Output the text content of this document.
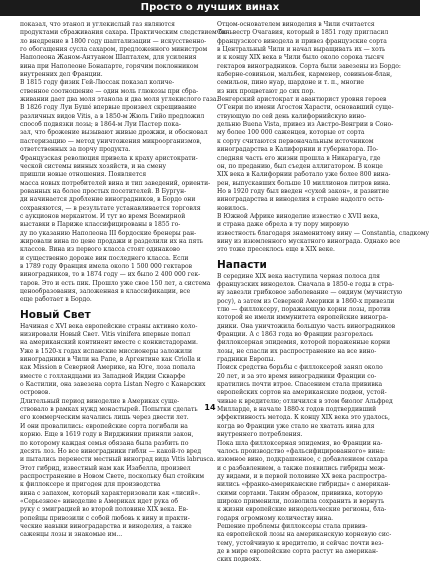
Просто о лучших винах
показал, что этанол и углекислый газ являются
продуктами сбраживания сахара. Практическим следствием бы-
ло внедрение в 1800 году шаптализации — искусственно-
го обогащения сусла сахаром, предложенного министром
Наполеона Жаном-Антуаном Шапталем, для усиления
вина при Наполеоне Бонапарте, горячим поклонником
внутренних дел Франции.
В 1815 году физик Гей-Люссак показал количе-
ственное соотношение — один моль глюкозы при сбра-
живании дает два моля этанола и два моля углекислого газа.
В 1826 году Луи Бушé впервые произвел скрещивание
различных видов Vitis, а в 1850-м Жюль Гийо предложил
способ подвязки лозы; в 1864-м Луи Пастер пока-
зал, что брожение вызывают живые дрожжи, и обосновал
пастеризацию — метод уничтожения микроорганизмов,
ответственных за порчу продукта.
Французская революция привела к краху аристократи-
ческой системы винных хозяйств, и на смену
пришли новые отношения. Появляется
масса новых потребителей вина и тип заведений, ориенти-
рованных на более простых посетителей. В Бургун-
ди начинается дробление виноградников, в Бордо они
сохраняются, — в результате устанавливается торговля
с аукционов меркантом. И тут во время Всемирной
выставки в Париже классифицированы в 1855 го-
ду по указанию Наполеона III бордоские бренеры ран-
жировали вина по цене продажи и разделили их на пять
классов. Вина из первого класса стоят одинаково
и существенно дороже вин последнего класса. Если
в 1789 году Франция имела около 1 500 000 гектаров
виноградников, то в 1874 году — их было 2 400 000 гек-
таров. Это и есть пик. Прошло уже свое 150 лет, а система
ценообразования, заложенная в классификации, все
еще работает в Бордо.
Новый Свет
Начиная с XVI века европейские страны активно коло-
низировали Новый Свет. Vitis vinifera впервые попал
на американский континент вместе с конкистадорами.
Уже в 1520-х годах испанские миссионеры заложили
виноградники в Чили на Рапе, в Аргентине как Criolla и
как Mission в Северной Америке, на Юге, лоза попала
вместе с голландцами из Западной Индии Скварфе
о Кастилии, она завезена сорта Listan Negro с Канарских
островов.
Длительный период виноделие в Америках суще-
ствовало в рамках нужд монастырей. Попытки сделать
его коммерческим начались лишь через двести лет.
И они провалились: европейские сорта погибали на
корню. Еще в 1619 году в Вирджинии приняли закон,
по которому каждая семья обязана была разбить по
десять лоз. Но все виноградники гибли — какой-то вред
и пытались перенести местный виноград вида Vitis labrusca.
Этот гибрид, известный нам как Изабелла, произвел
распространение в Новом Свете, поскольку был стойким
к филлоксере и пригоден для производства
вина с запахом, который характеризовали как «лисий».
«Серьезное» виноделие в Америках идет рука об
руку с эмиграцией во второй половине XIX века. Ев-
ропейцы привозили с собой любовь к вину и практи-
ческие навыки виноградарства и виноделия, а также
саженцы лозы и знакомые им...
Отцом-основателем виноделия в Чили считается
Сильвестр Очагавия, который в 1851 году пригласил
французского винодела и привез французские сорта
в Центральный Чили и начал выращивать их — хоть
и к концу XIX века в Чили было около сорока тысяч
гектаров виноградников. Сорта были завезены из Бордо:
каберне-совиньон, мальбек, карменер, совиньон-блан,
семильон, пино нуар, шардоне и т. п., многие
из них процветают до сих пор.
Венгерский аристократ и авантюрист уровня героев
О'Генри по имени Агостон Харасти, основавший суще-
ствующую по сей день калифорнийскую вино-
дельню Buena Vista, привез из Австро-Венгрии в Соно-
му более 100 000 саженцев, которые от сорта
к сорту считаются первоначальным источником
виноградарства в Калифорнии и губернатора. По-
следняя часть его жизни прошла в Никарагуа, где
он, по преданию, был съеден аллигатором. В конце
XIX века в Калифорнии работало уже более 800 вина-
рен, выпускавших больше 10 миллионов литров вина.
Но в 1920 году был введен «сухой закон», и развитие
виноградарства и виноделия в стране надолго оста-
новилось.
В Южной Африке виноделие известно с XVII века,
и страна даже обрела в ту пору мировую
известность благодаря знаменитому вину — Constantia, сладкому
вину из изюмленного мускатного винограда. Однако все
это тоже пресеклось еще в XIX веке.
Напасти
В середине XIX века наступила черная полоса для
французских виноделов. Сначала в 1850-е годы в стра-
ну завезли грибковое заболевание — оидиум (мучнистую
росу), а затем из Северной Америки в 1860-х привезли
тлю — филлоксеру, поражающую корни лозы, против
которой не имели иммунитета европейские виногра-
дники. Она уничтожила большую часть виноградников
Франции. А с 1863 года во Франции разгорелась
филлоксерная эпидемия, которой пораженные корни
лозы, не спасли их распространение на все вино-
градники Европы.
Поиск средства борьбы с филлоксерой занял около
20 лет, и за это время виноградники Франции со-
кратились почти втрое. Спасением стала прививка
европейских сортов на американские подвои, устой-
чивые к вредителю; отличился в этом биолог Альфред
Милларде, в начале 1880-х годов подтвердивший
эффективность метода. К концу XIX века это удалось,
когда во Франции уже стало не хватать вина для
внутреннего потребления.
Пока шла филлоксерная эпидемия, во Франции на-
чалось производство «фальсифицированного» вина:
изюмное вино, подкрашенное, с добавлением сахара
и с разбавлением, а также появились гибриды меж-
ду видами, и в первой половине XX века распростра-
нились «франко-американские гибриды» с американ-
скими сортами. Таким образом, прививка, которую
широко применили, позволила сохранить и вернуть
к жизни европейские винодельческие регионы, бла-
годаря огромному количеству вина.
Решение проблемы филлоксеры стала привив-
ка европейской лозы на американскую корневую сис-
тему, устойчивую к вредителю, и сейчас почти вез-
де в мире европейские сорта растут на американ-
ских подвоях.
14
